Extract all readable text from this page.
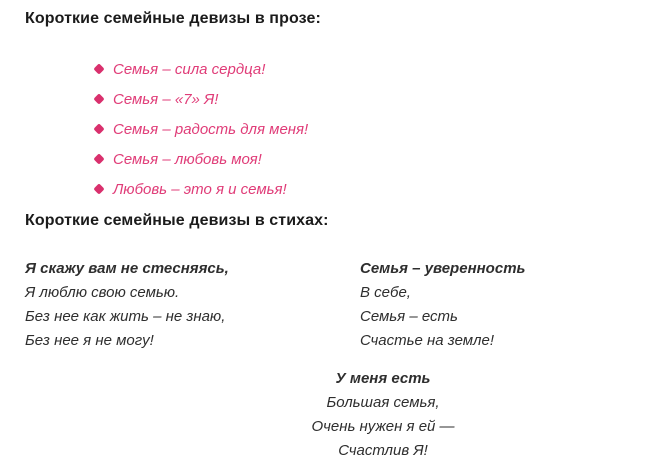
Короткие семейные девизы в прозе:
Семья – сила сердца!
Семья – «7» Я!
Семья – радость для меня!
Семья – любовь моя!
Любовь – это я и семья!
Короткие семейные девизы в стихах:
Я скажу вам не стесняясь,
Я люблю свою семью.
Без нее как жить – не знаю,
Без нее я не могу!
Семья – уверенность
В себе,
Семья – есть
Счастье на земле!
У меня есть
Большая семья,
Очень нужен я ей —
Счастлив Я!
